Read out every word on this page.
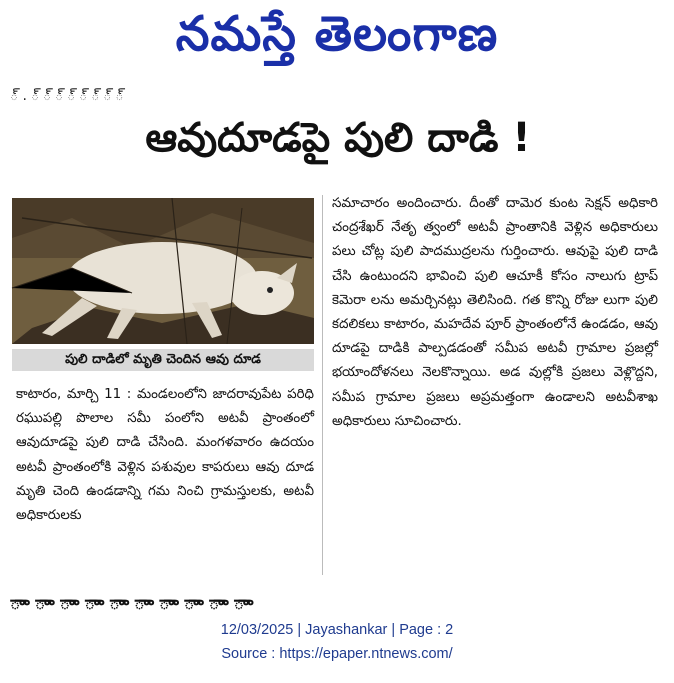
నమస్తే తెలంగాణ
్ . ్ ్ ్ ్ ్ ్ ్ ్
ఆవుదూడపై పులి దాడి !
పులి దాడిలో మృతి చెందిన ఆవు దూడ
కాటారం, మార్చి 11 : మండలంలోని జాదరావుపేట పరిధి రఘుపల్లి పొలాల సమీ పంలోని అటవీ ప్రాంతంలో ఆవుదూడపై పులి దాడి చేసింది. మంగళవారం ఉదయం అటవీ ప్రాంతంలోకి వెళ్లిన పశువుల కాపరులు ఆవు దూడ మృతి చెంది ఉండడాన్ని గమ నించి గ్రామస్తులకు, అటవీ అధికారులకు
సమాచారం అందించారు. దీంతో దామెర కుంట సెక్షన్ అధికారి చంద్రశేఖర్ నేతృ త్వంలో అటవీ ప్రాంతానికి వెళ్లిన అధికారులు పలు చోట్ల పులి పాదముద్రలను గుర్తించారు. ఆవుపై పులి దాడి చేసి ఉంటుందని భావించి పులి ఆచూకీ కోసం నాలుగు ట్రాప్ కెమెరా లను అమర్చినట్లు తెలిసింది. గత కొన్ని రోజు లుగా పులి కదలికలు కాటారం, మహదేవ పూర్ ప్రాంతంలోనే ఉండడం, ఆవు దూడపై దాడికి పాల్పడడంతో సమీప అటవీ గ్రామాల ప్రజల్లో భయాందోళనలు నెలకొన్నాయి. అడ వుల్లోకి ప్రజలు వెళ్లొద్దని, సమీప గ్రామాల ప్రజలు అప్రమత్తంగా ఉండాలని అటవీశాఖ అధికారులు సూచించారు.
ాా ాా ాా ాా ాా ాా ాా ాా ాా ాా
12/03/2025 | Jayashankar | Page : 2
Source : https://epaper.ntnews.com/
